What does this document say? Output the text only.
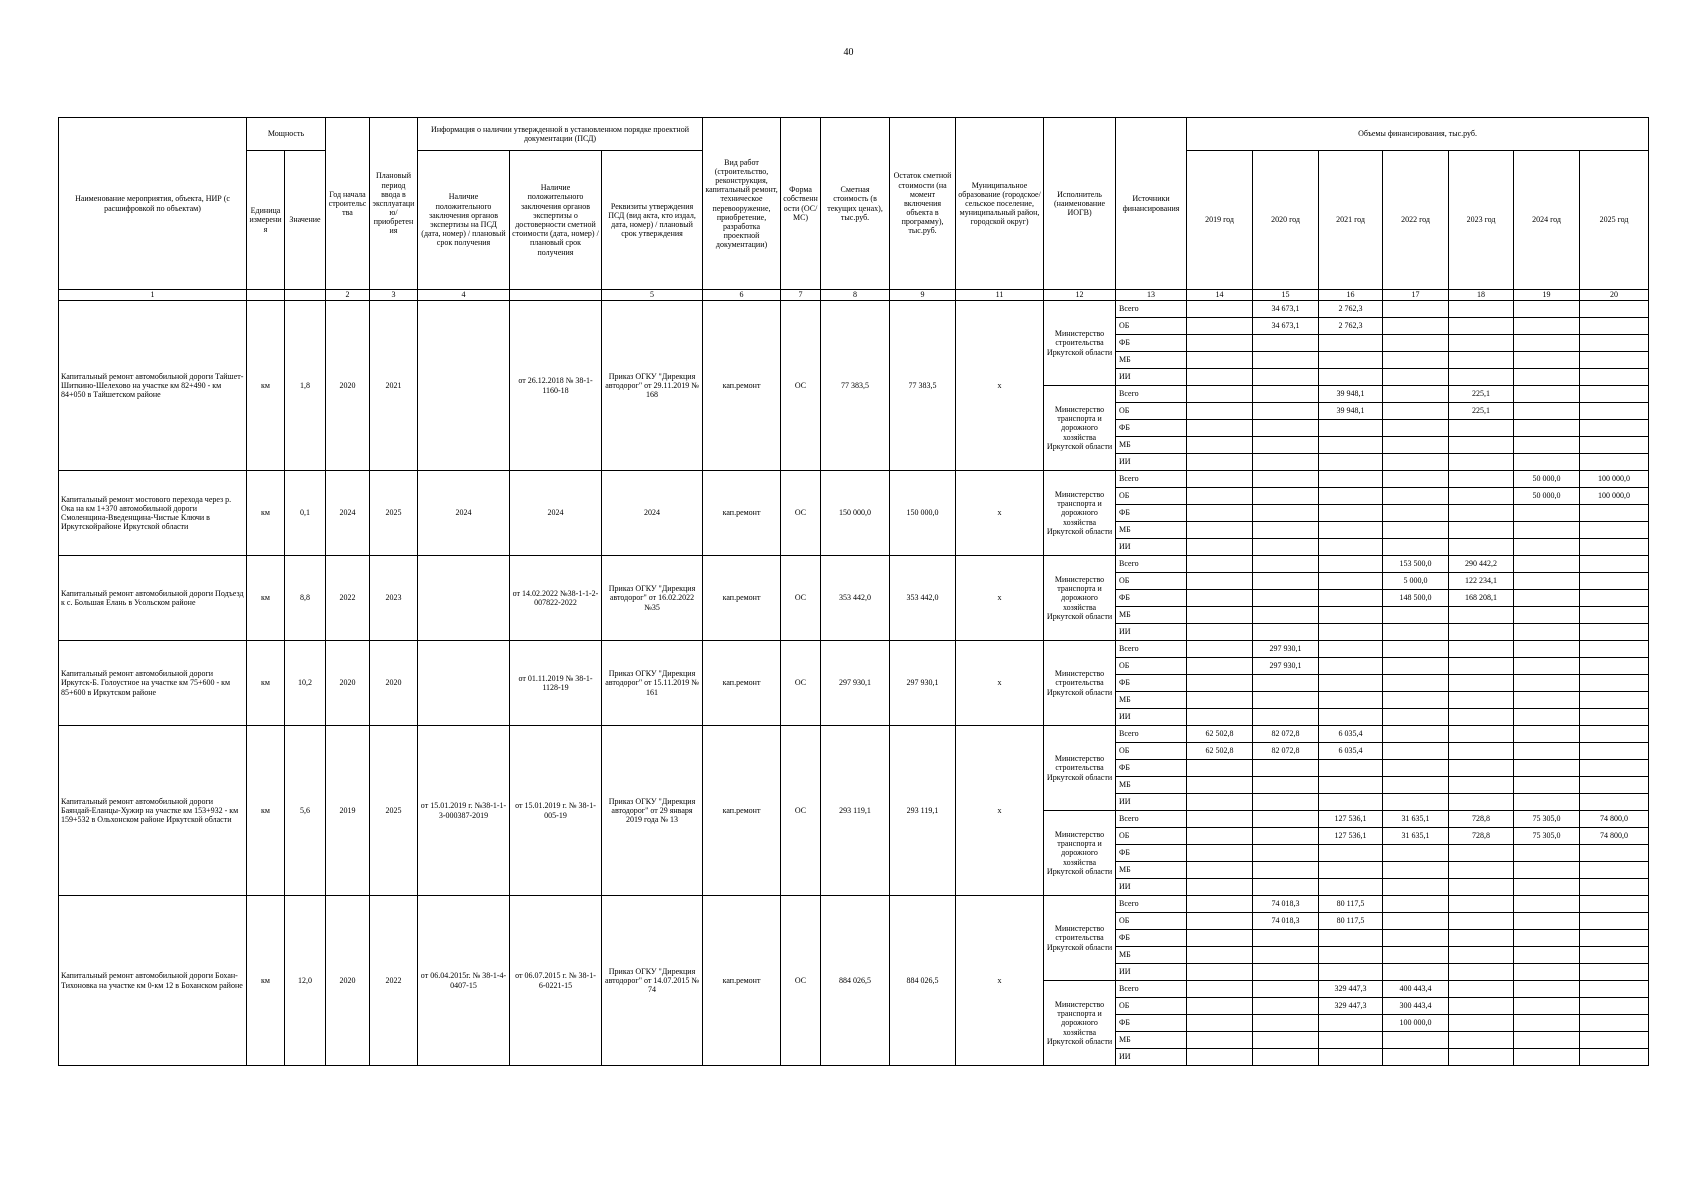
40
Наименование мероприятия, объекта, НИР (с расшифровкой по объектам)	Мощность		Год начала строительства	Плановый период ввода в эксплуатацию/приобретения	Информация о наличии утвержденной в установленном порядке проектной документации (ПСД)			Вид работ (строительство, реконструкция, капитальный ремонт, техническое перевооружение, приобретение, разработка проектной документации)	Форма собственности (ОС/МС)	Сметная стоимость (в текущих ценах), тыс.руб.	Остаток сметной стоимости (на момент включения объекта в программу), тыс.руб.	Муниципальное образование (городское/сельское поселение, муниципальный район, городской округ)	Исполнитель (наименование ИОГВ)	Источники финансирования	Объемы финансирования, тыс.руб.						
	Единица измерения	Значение			Наличие положительного заключения органов экспертизы на ПСД (дата, номер) / плановый срок получения	Наличие положительного заключения органов экспертизы о достоверности сметной стоимости (дата, номер) / плановый срок получения	Реквизиты утверждения ПСД (вид акта, кто издал, дата, номер) / плановый срок утверждения								2019 год	2020 год	2021 год	2022 год	2023 год	2024 год	2025 год
1			2	3	4		5	6	7	8	9	11	12	13	14	15	16	17	18	19	20
Капитальный ремонт автомобильной дороги Тайшет-Шиткино-Шелехово на участке км 82+490 - км 84+050 в Тайшетском районе	км	1,8	2020	2021		от 26.12.2018 № 38-1-1160-18	Приказ ОГКУ "Дирекция автодорог" от 29.11.2019 № 168	кап.ремонт	ОС	77 383,5	77 383,5	х	Министерство строительства Иркутской области	Всего		34 673,1	2 762,3				
														ОБ		34 673,1	2 762,3				
														ФБ							
														МБ							
														ИИ							
													Министерство транспорта и дорожного хозяйства Иркутской области	Всего			39 948,1		225,1		
														ОБ			39 948,1		225,1		
														ФБ							
														МБ							
														ИИ							
Капитальный ремонт мостового перехода через р. Ока на км 1+370 автомобильной дороги Смоленщина-Введенщина-Чистые Ключи в Иркутскойрайоне Иркутской области	км	0,1	2024	2025	2024	2024	2024	кап.ремонт	ОС	150 000,0	150 000,0	х	Министерство транспорта и дорожного хозяйства Иркутской области	Всего						50 000,0	100 000,0
														ОБ						50 000,0	100 000,0
														ФБ							
														МБ							
														ИИ							
Капитальный ремонт автомобильной дороги Подъезд к с. Большая Елань в Усольском районе	км	8,8	2022	2023		от 14.02.2022 №38-1-1-2-007822-2022	Приказ ОГКУ "Дирекция автодорог" от 16.02.2022 №35	кап.ремонт	ОС	353 442,0	353 442,0	х	Министерство транспорта и дорожного хозяйства Иркутской области	Всего				153 500,0	290 442,2		
														ОБ				5 000,0	122 234,1		
														ФБ				148 500,0	168 208,1		
														МБ							
														ИИ							
Капитальный ремонт автомобильной дороги Иркутск-Б. Голоустное на участке км 75+600 - км 85+600 в Иркутском районе	км	10,2	2020	2020		от 01.11.2019 № 38-1-1128-19	Приказ ОГКУ "Дирекция автодорог" от 15.11.2019 № 161	кап.ремонт	ОС	297 930,1	297 930,1	х	Министерство строительства Иркутской области	Всего		297 930,1					
														ОБ		297 930,1					
														ФБ							
														МБ							
														ИИ							
Капитальный ремонт автомобильной дороги Баяндай-Еланцы-Хужир на участке км 153+932 - км 159+532 в Ольхонском районе Иркутской области	км	5,6	2019	2025	от 15.01.2019 г. №38-1-1-3-000387-2019	от 15.01.2019 г. № 38-1-005-19	Приказ ОГКУ "Дирекция автодорог" от 29 января 2019 года № 13	кап.ремонт	ОС	293 119,1	293 119,1	х	Министерство строительства Иркутской области	Всего	62 502,8	82 072,8	6 035,4				
														ОБ	62 502,8	82 072,8	6 035,4				
														ФБ							
														МБ							
														ИИ							
													Министерство транспорта и дорожного хозяйства Иркутской области	Всего			127 536,1	31 635,1	728,8	75 305,0	74 800,0
														ОБ			127 536,1	31 635,1	728,8	75 305,0	74 800,0
														ФБ							
														МБ							
														ИИ							
Капитальный ремонт автомобильной дороги Бохан-Тихоновка на участке км 0-км 12 в Боханском районе	км	12,0	2020	2022	от 06.04.2015г. № 38-1-4-0407-15	от 06.07.2015 г. № 38-1-6-0221-15	Приказ ОГКУ "Дирекция автодорог" от 14.07.2015 № 74	кап.ремонт	ОС	884 026,5	884 026,5	х	Министерство строительства Иркутской области	Всего		74 018,3	80 117,5				
														ОБ		74 018,3	80 117,5				
														ФБ							
														МБ							
														ИИ							
													Министерство транспорта и дорожного хозяйства Иркутской области	Всего			329 447,3	400 443,4			
														ОБ			329 447,3	300 443,4			
														ФБ				100 000,0			
														МБ							
														ИИ							
